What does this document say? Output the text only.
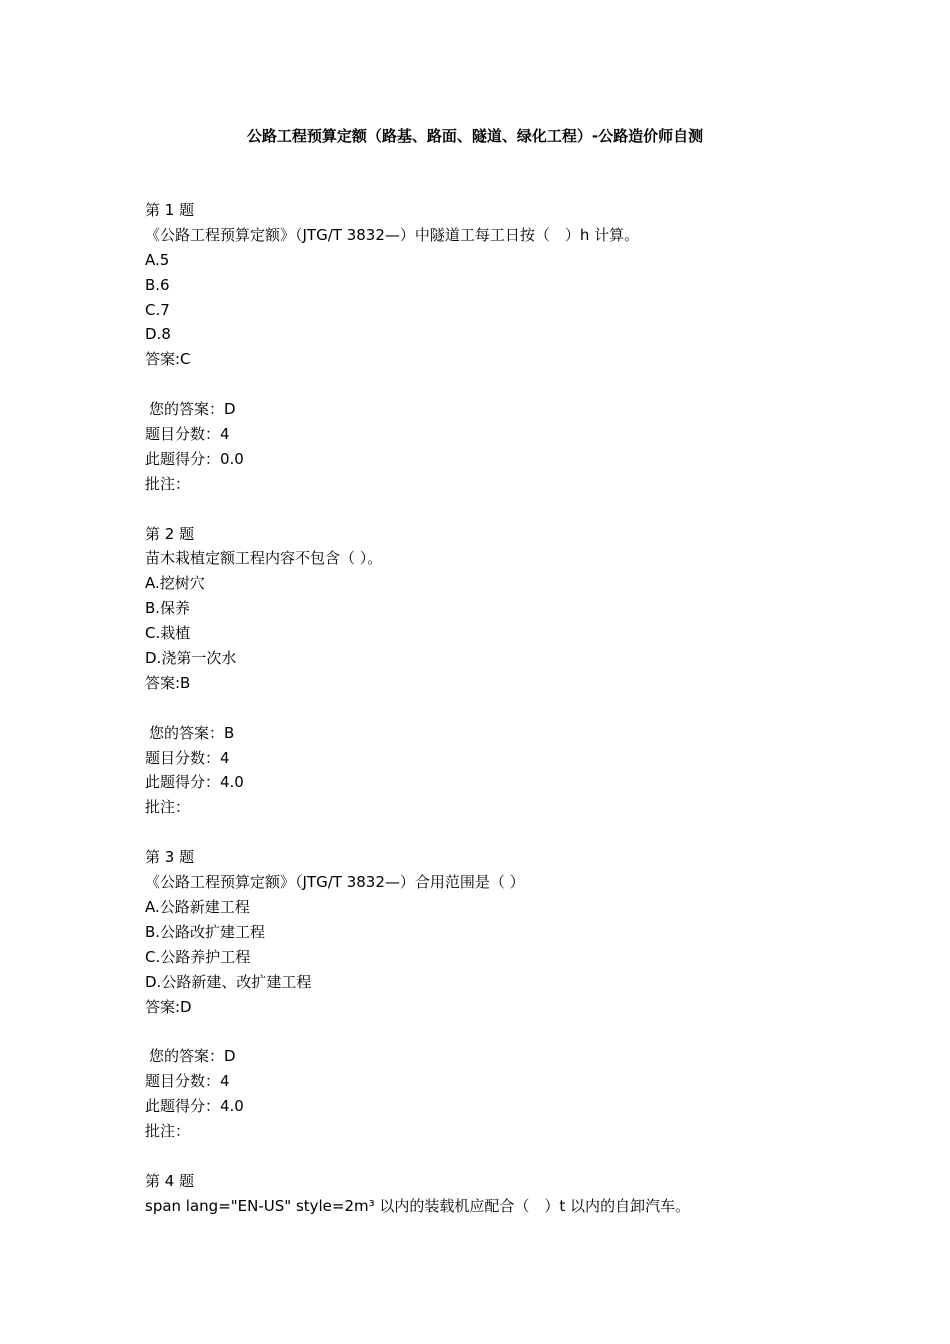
公路工程预算定额（路基、路面、隧道、绿化工程）-公路造价师自测
第 1 题
《公路工程预算定额》（JTG/T 3832—）中隧道工每工日按（　）h 计算。
A.5
B.6
C.7
D.8
答案:C
您的答案：D
题目分数：4
此题得分：0.0
批注：
第 2 题
苗木栽植定额工程内容不包含（ ）。
A.挖树穴
B.保养
C.栽植
D.浇第一次水
答案:B
您的答案：B
题目分数：4
此题得分：4.0
批注：
第 3 题
《公路工程预算定额》（JTG/T 3832—）合用范围是（ ）
A.公路新建工程
B.公路改扩建工程
C.公路养护工程
D.公路新建、改扩建工程
答案:D
您的答案：D
题目分数：4
此题得分：4.0
批注：
第 4 题
span lang="EN-US" style=2m³ 以内的装载机应配合（　）t 以内的自卸汽车。
